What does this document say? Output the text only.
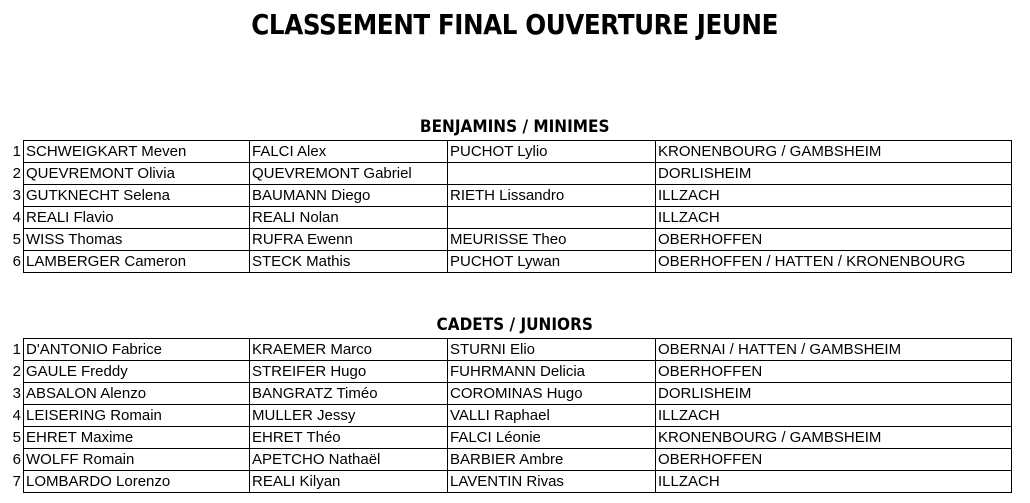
CLASSEMENT FINAL OUVERTURE JEUNE
BENJAMINS / MINIMES
1	SCHWEIGKART Meven	FALCI Alex	PUCHOT Lylio	KRONENBOURG / GAMBSHEIM
2	QUEVREMONT Olivia	QUEVREMONT Gabriel		DORLISHEIM
3	GUTKNECHT Selena	BAUMANN Diego	RIETH Lissandro	ILLZACH
4	REALI Flavio	REALI Nolan		ILLZACH
5	WISS Thomas	RUFRA Ewenn	MEURISSE Theo	OBERHOFFEN
6	LAMBERGER Cameron	STECK Mathis	PUCHOT Lywan	OBERHOFFEN / HATTEN / KRONENBOURG
CADETS / JUNIORS
1	D'ANTONIO Fabrice	KRAEMER Marco	STURNI Elio	OBERNAI / HATTEN / GAMBSHEIM
2	GAULE Freddy	STREIFER Hugo	FUHRMANN Delicia	OBERHOFFEN
3	ABSALON Alenzo	BANGRATZ Timéo	COROMINAS Hugo	DORLISHEIM
4	LEISERING Romain	MULLER Jessy	VALLI Raphael	ILLZACH
5	EHRET Maxime	EHRET Théo	FALCI Léonie	KRONENBOURG / GAMBSHEIM
6	WOLFF Romain	APETCHO Nathaël	BARBIER Ambre	OBERHOFFEN
7	LOMBARDO Lorenzo	REALI Kilyan	LAVENTIN Rivas	ILLZACH
